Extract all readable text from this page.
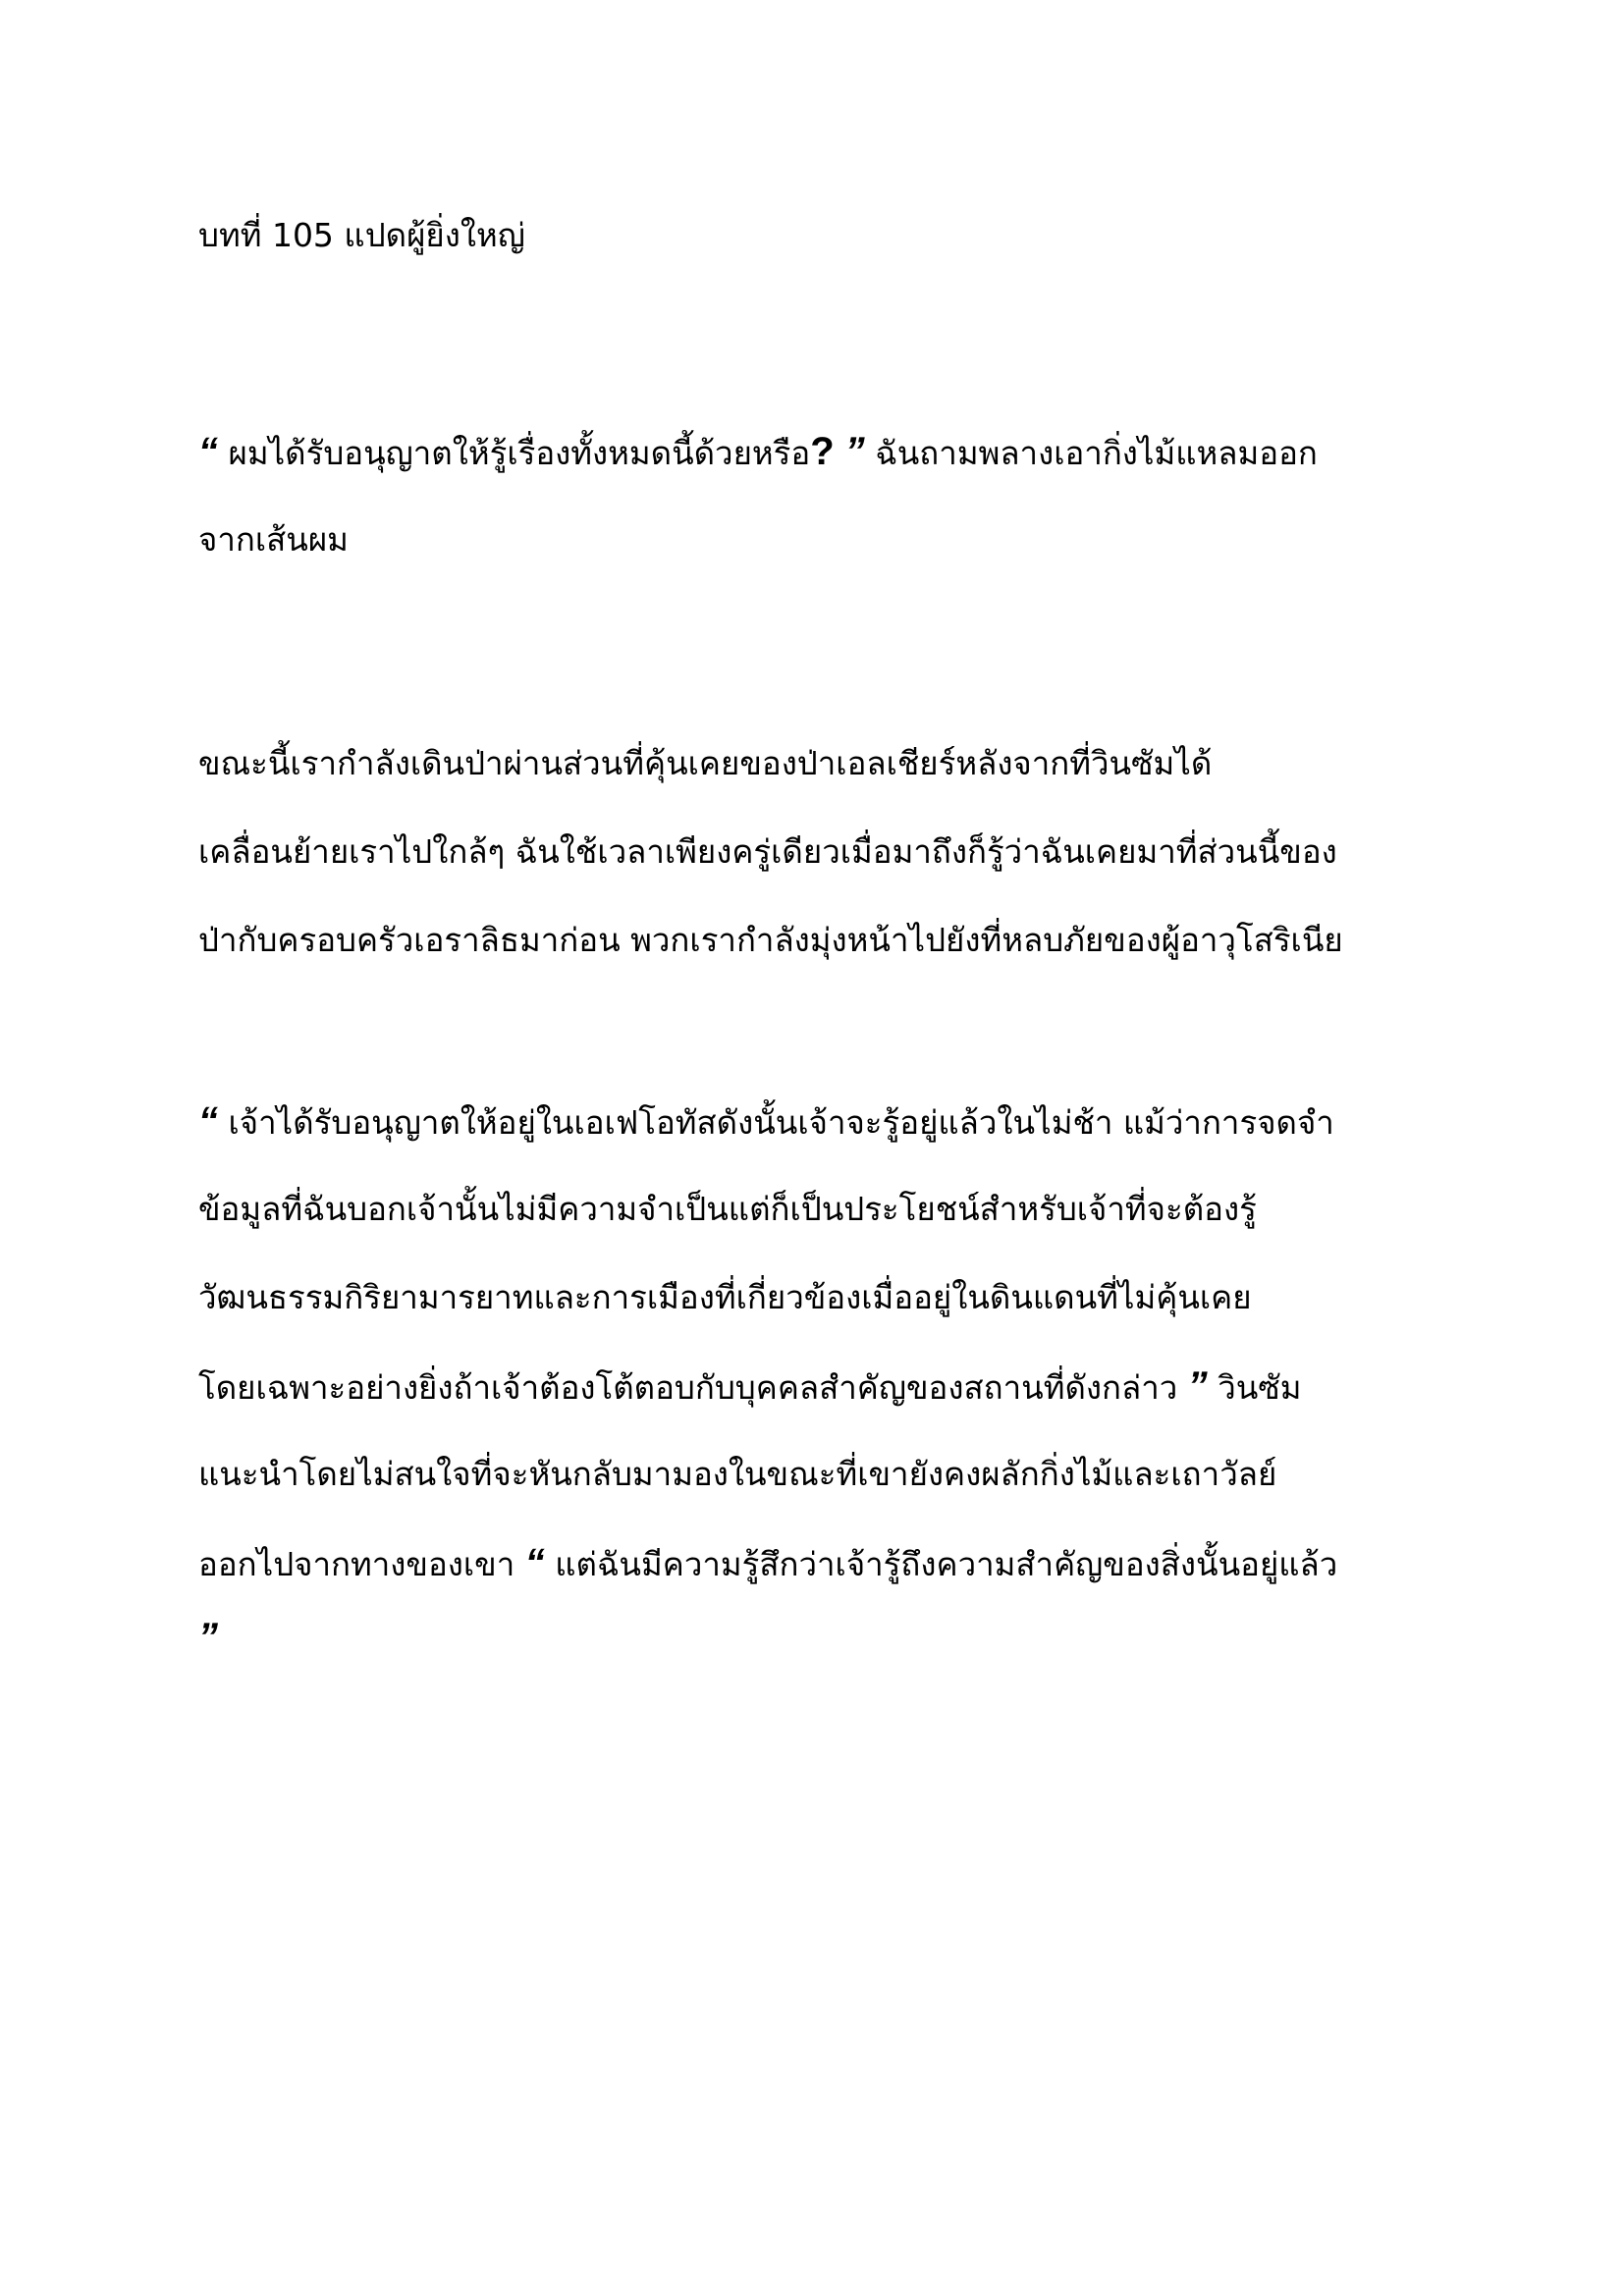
บทที่ 105 แปดผู้ยิ่งใหญ่
“ ผมได้รับอนุญาตให้รู้เรื่องทั้งหมดนี้ด้วยหรือ? ” ฉันถามพลางเอากิ่งไม้แหลมออก
จากเส้นผม
ขณะนี้เรากำลังเดินป่าผ่านส่วนที่คุ้นเคยของป่าเอลเชียร์หลังจากที่วินซัมได้
เคลื่อนย้ายเราไปใกล้ๆ ฉันใช้เวลาเพียงครู่เดียวเมื่อมาถึงก็รู้ว่าฉันเคยมาที่ส่วนนี้ของ
ป่ากับครอบครัวเอราลิธมาก่อน พวกเรากำลังมุ่งหน้าไปยังที่หลบภัยของผู้อาวุโสริเนีย
“ เจ้าได้รับอนุญาตให้อยู่ในเอเฟโอทัสดังนั้นเจ้าจะรู้อยู่แล้วในไม่ช้า แม้ว่าการจดจำ
ข้อมูลที่ฉันบอกเจ้านั้นไม่มีความจำเป็นแต่ก็เป็นประโยชน์สำหรับเจ้าที่จะต้องรู้
วัฒนธรรมกิริยามารยาทและการเมืองที่เกี่ยวข้องเมื่ออยู่ในดินแดนที่ไม่คุ้นเคย
โดยเฉพาะอย่างยิ่งถ้าเจ้าต้องโต้ตอบกับบุคคลสำคัญของสถานที่ดังกล่าว ” วินซัม
แนะนำโดยไม่สนใจที่จะหันกลับมามองในขณะที่เขายังคงผลักกิ่งไม้และเถาวัลย์
ออกไปจากทางของเขา “ แต่ฉันมีความรู้สึกว่าเจ้ารู้ถึงความสำคัญของสิ่งนั้นอยู่แล้ว
”
